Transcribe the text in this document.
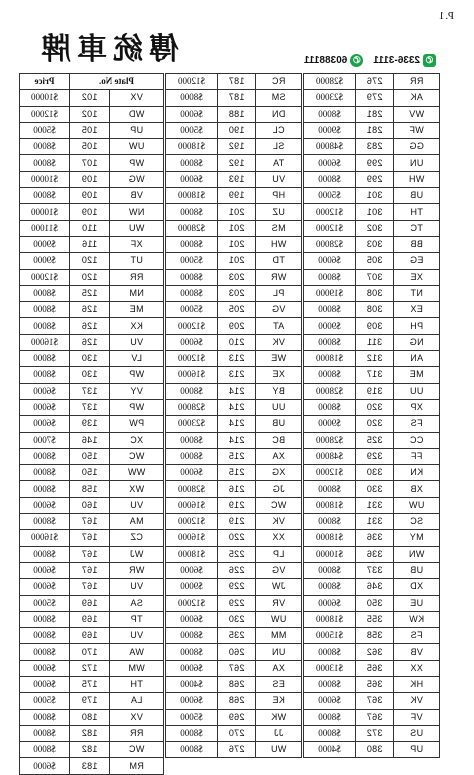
P.1
傳統車牌	✆
2336-3111
✆
60388111
Plate No.		Price
VX	102	$10000
WD	102	$12000
UP	105	$5000
UW	105	$8000
WP	107	$8000
WG	109	$10000
VB	109	$8000
NW	109	$10000
WU	110	$11000
XF	116	$9000
UT	120	$9000
RR	120	$12000
NM	125	$8000
ME	126	$8000
KX	126	$8000
VU	126	$16000
LV	130	$8000
WP	130	$8000
VY	137	$6000
WP	137	$6000
PW	139	$6000
XC	146	$7000
WC	150	$8000
WW	150	$8000
WX	158	$8000
VU	160	$6000
MA	167	$8000
CZ	167	$16000
WJ	167	$8000
WR	167	$6000
VU	167	$6000
SA	169	$5000
TP	169	$8000
VU	169	$8000
WA	170	$8000
WM	172	$6000
TH	175	$6000
LA	179	$5000
VX	180	$8000
RR	182	$8000
WC	182	$8000
RM	183	$6000
RC	187	$12000
SM	187	$8000
DN	188	$6000
CL	190	$5000
SL	192	$18000
TA	192	$8000
VU	193	$6000
HP	199	$18000
UZ	201	$8000
MS	201	$28000
WH	201	$8000
TD	201	$5000
WR	203	$8000
PL	203	$8000
VG	205	$5000
AT	209	$12000
VK	210	$6000
WE	213	$12000
XE	213	$16000
BY	214	$8000
UU	214	$28000
UB	214	$23000
BC	214	$8000
XA	215	$8000
XG	215	$6000
JG	216	$28000
WC	219	$16000
VK	219	$12000
XX	220	$16000
LP	225	$18000
VG	226	$6000
JW	229	$9000
VR	229	$12000
UW	230	$6000
MM	235	$8000
UN	260	$8000
XA	267	$6000
ES	268	$4000
KE	268	$6000
WK	269	$5000
JJ	270	$8000
WU	276	$8000
RR	276	$28000
AK	279	$23000
WV	281	$8000
WF	281	$9000
GG	283	$48000
UN	299	$6000
WH	299	$8000
UB	301	$5000
TH	301	$12000
TC	302	$12000
BB	303	$28000
EG	305	$6000
XE	307	$8000
NT	308	$19000
EX	308	$8000
PH	309	$9000
NG	311	$8000
AN	312	$18000
ME	317	$8000
UU	319	$28000
XP	320	$8000
FS	320	$9000
CC	325	$28000
FF	329	$48000
KN	330	$12000
XB	330	$8000
UW	331	$18000
SC	331	$8000
MY	336	$18000
WN	336	$10000
UB	337	$8000
XD	346	$8000
UE	350	$6000
KW	355	$18000
FS	358	$15000
VB	362	$8000
XX	365	$13000
HK	365	$8000
VK	367	$6000
VF	367	$8000
US	372	$8000
UP	380	$4000
